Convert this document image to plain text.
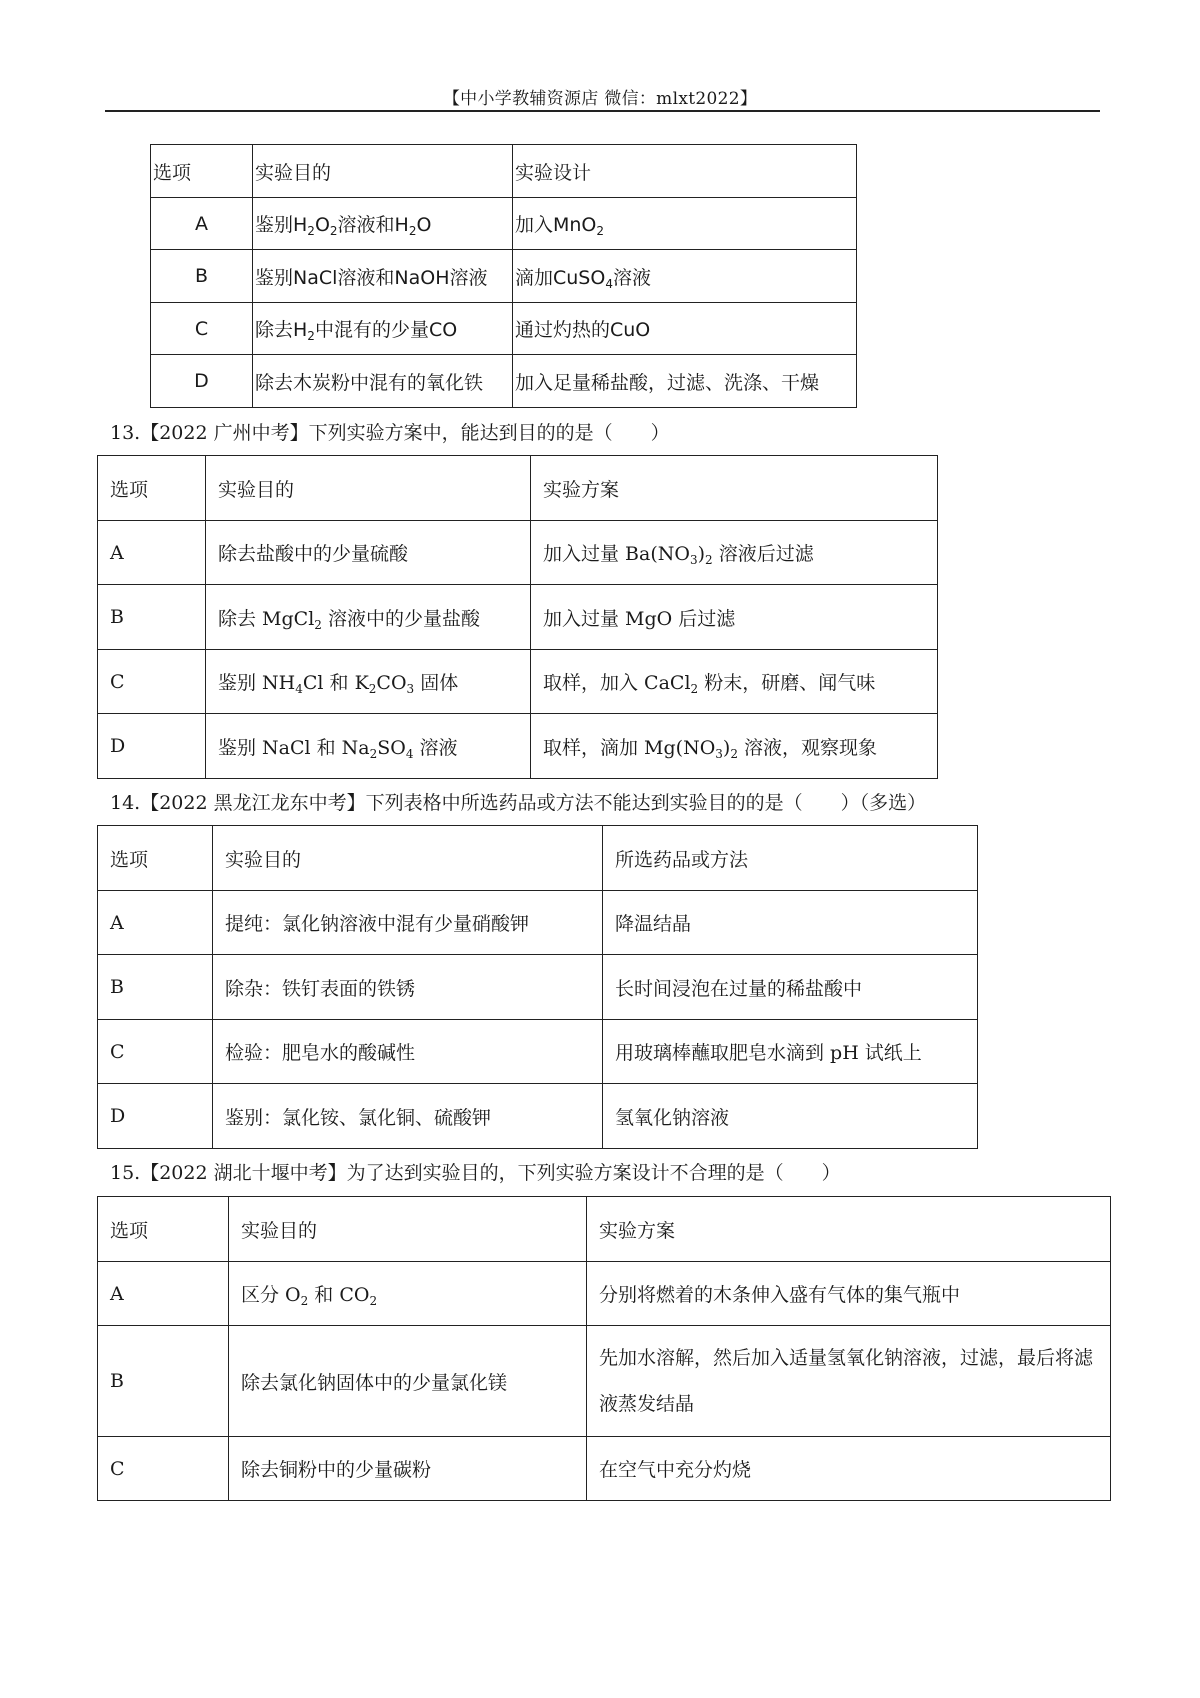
【中小学教辅资源店 微信：mlxt2022】
选项	实验目的	实验设计
A	鉴别$H_2O_2$溶液和$H_2O$	加入MnO$_2$
B	鉴别NaCl溶液和NaOH溶液	滴加CuSO$_4$溶液
C	除去$H_2$中混有的少量CO	通过灼热的CuO
D	除去木炭粉中混有的氧化铁	加入足量稀盐酸，过滤、洗涤、干燥
13.【2022 广州中考】下列实验方案中，能达到目的的是（　　）
选项	实验目的	实验方案
A	除去盐酸中的少量硫酸	加入过量 $Ba(NO_3)_2$ 溶液后过滤
B	除去 MgCl$_2$ 溶液中的少量盐酸	加入过量 MgO 后过滤
C	鉴别 $NH_4Cl$ 和 $K_2CO_3$ 固体	取样，加入 CaCl$_2$ 粉末，研磨、闻气味
D	鉴别 NaCl 和 $Na_2SO_4$ 溶液	取样，滴加 $Mg(NO_3)_2$ 溶液，观察现象
14.【2022 黑龙江龙东中考】下列表格中所选药品或方法不能达到实验目的的是（　　）（多选）
选项	实验目的	所选药品或方法
A	提纯：氯化钠溶液中混有少量硝酸钾	降温结晶
B	除杂：铁钉表面的铁锈	长时间浸泡在过量的稀盐酸中
C	检验：肥皂水的酸碱性	用玻璃棒蘸取肥皂水滴到 pH 试纸上
D	鉴别：氯化铵、氯化铜、硫酸钾	氢氧化钠溶液
15.【2022 湖北十堰中考】为了达到实验目的，下列实验方案设计不合理的是（　　）
选项	实验目的	实验方案
A	区分 $O_2$ 和 $CO_2$	分别将燃着的木条伸入盛有气体的集气瓶中
B	除去氯化钠固体中的少量氯化镁	先加水溶解，然后加入适量氢氧化钠溶液，过滤，最后将滤液蒸发结晶
C	除去铜粉中的少量碳粉	在空气中充分灼烧
